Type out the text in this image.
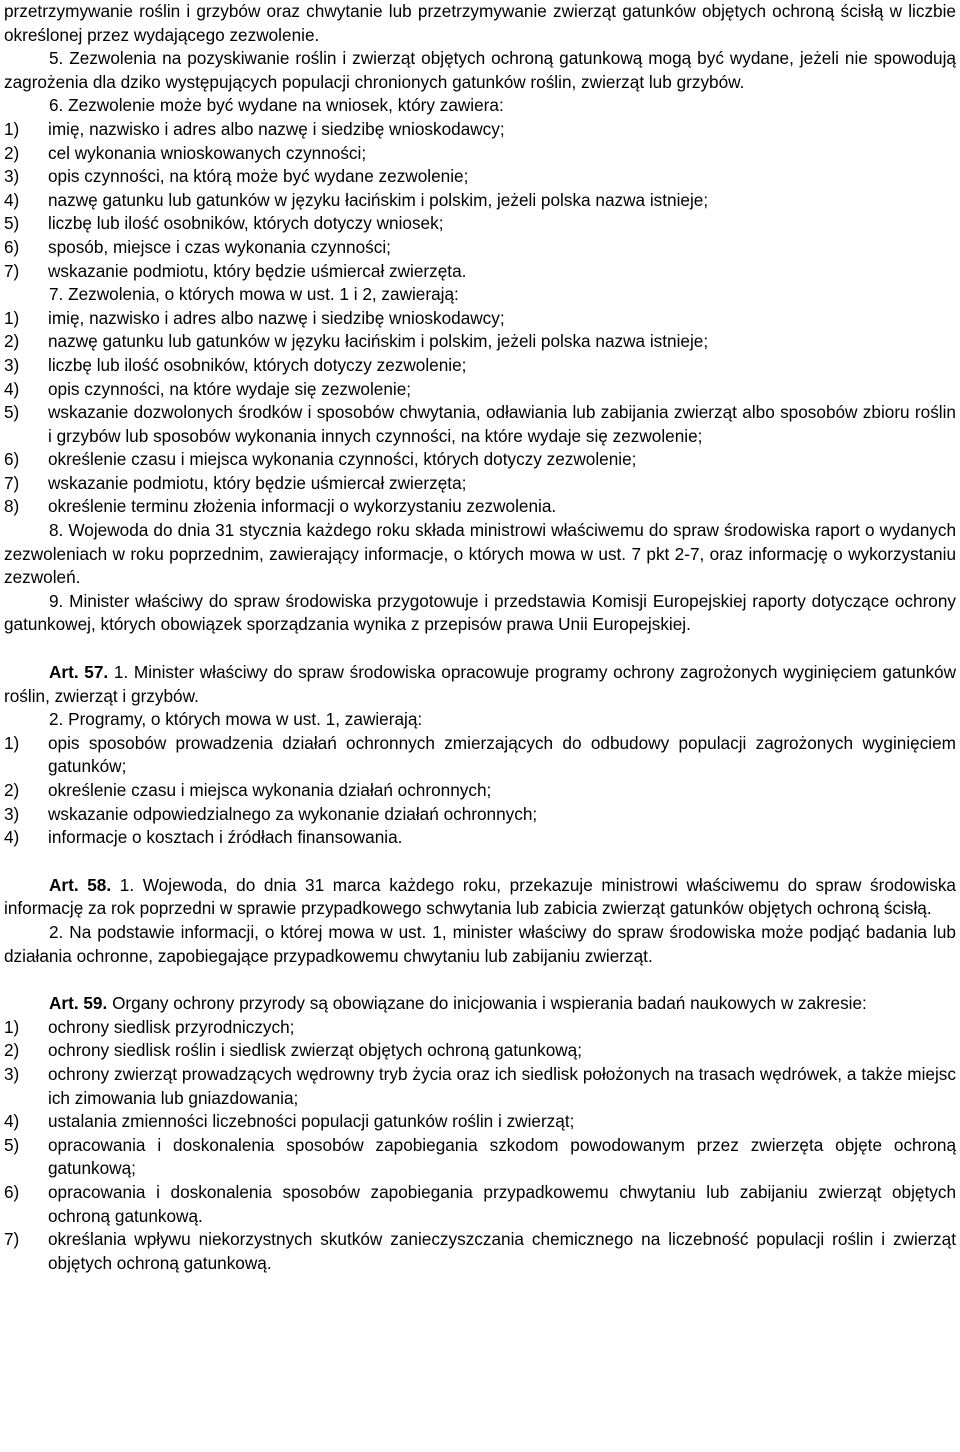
przetrzymywanie roślin i grzybów oraz chwytanie lub przetrzymywanie zwierząt gatunków objętych ochroną ścisłą w liczbie określonej przez wydającego zezwolenie.

5. Zezwolenia na pozyskiwanie roślin i zwierząt objętych ochroną gatunkową mogą być wydane, jeżeli nie spowodują zagrożenia dla dziko występujących populacji chronionych gatunków roślin, zwierząt lub grzybów.

6. Zezwolenie może być wydane na wniosek, który zawiera:

1)	imię, nazwisko i adres albo nazwę i siedzibę wnioskodawcy;
2)	cel wykonania wnioskowanych czynności;
3)	opis czynności, na którą może być wydane zezwolenie;
4)	nazwę gatunku lub gatunków w języku łacińskim i polskim, jeżeli polska nazwa istnieje;
5)	liczbę lub ilość osobników, których dotyczy wniosek;
6)	sposób, miejsce i czas wykonania czynności;
7)	wskazanie podmiotu, który będzie uśmiercał zwierzęta.

7. Zezwolenia, o których mowa w ust. 1 i 2, zawierają:

1)	imię, nazwisko i adres albo nazwę i siedzibę wnioskodawcy;
2)	nazwę gatunku lub gatunków w języku łacińskim i polskim, jeżeli polska nazwa istnieje;
3)	liczbę lub ilość osobników, których dotyczy zezwolenie;
4)	opis czynności, na które wydaje się zezwolenie;
5)	wskazanie dozwolonych środków i sposobów chwytania, odławiania lub zabijania zwierząt albo sposobów zbioru roślin i grzybów lub sposobów wykonania innych czynności, na które wydaje się zezwolenie;
6)	określenie czasu i miejsca wykonania czynności, których dotyczy zezwolenie;
7)	wskazanie podmiotu, który będzie uśmiercał zwierzęta;
8)	określenie terminu złożenia informacji o wykorzystaniu zezwolenia.

8. Wojewoda do dnia 31 stycznia każdego roku składa ministrowi właściwemu do spraw środowiska raport o wydanych zezwoleniach w roku poprzednim, zawierający informacje, o których mowa w ust. 7 pkt 2-7, oraz informację o wykorzystaniu zezwoleń.

9. Minister właściwy do spraw środowiska przygotowuje i przedstawia Komisji Europejskiej raporty dotyczące ochrony gatunkowej, których obowiązek sporządzania wynika z przepisów prawa Unii Europejskiej.

Art. 57. 1. Minister właściwy do spraw środowiska opracowuje programy ochrony zagrożonych wyginięciem gatunków roślin, zwierząt i grzybów.

2. Programy, o których mowa w ust. 1, zawierają:

1)	opis sposobów prowadzenia działań ochronnych zmierzających do odbudowy populacji zagrożonych wyginięciem gatunków;
2)	określenie czasu i miejsca wykonania działań ochronnych;
3)	wskazanie odpowiedzialnego za wykonanie działań ochronnych;
4)	informacje o kosztach i źródłach finansowania.

Art. 58. 1. Wojewoda, do dnia 31 marca każdego roku, przekazuje ministrowi właściwemu do spraw środowiska informację za rok poprzedni w sprawie przypadkowego schwytania lub zabicia zwierząt gatunków objętych ochroną ścisłą.

2. Na podstawie informacji, o której mowa w ust. 1, minister właściwy do spraw środowiska może podjąć badania lub działania ochronne, zapobiegające przypadkowemu chwytaniu lub zabijaniu zwierząt.

Art. 59. Organy ochrony przyrody są obowiązane do inicjowania i wspierania badań naukowych w zakresie:

1)	ochrony siedlisk przyrodniczych;
2)	ochrony siedlisk roślin i siedlisk zwierząt objętych ochroną gatunkową;
3)	ochrony zwierząt prowadzących wędrowny tryb życia oraz ich siedlisk położonych na trasach wędrówek, a także miejsc ich zimowania lub gniazdowania;
4)	ustalania zmienności liczebności populacji gatunków roślin i zwierząt;
5)	opracowania i doskonalenia sposobów zapobiegania szkodom powodowanym przez zwierzęta objęte ochroną gatunkową;
6)	opracowania i doskonalenia sposobów zapobiegania przypadkowemu chwytaniu lub zabijaniu zwierząt objętych ochroną gatunkową.
7)	określania wpływu niekorzystnych skutków zanieczyszczania chemicznego na liczebność populacji roślin i zwierząt objętych ochroną gatunkową.
